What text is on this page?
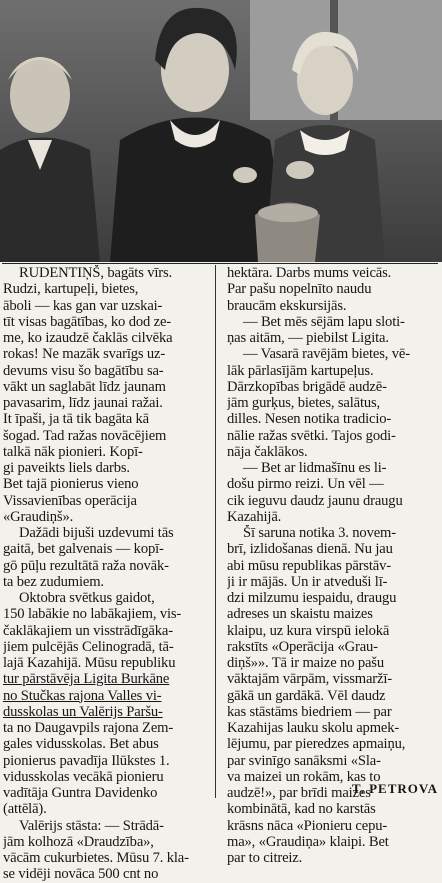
RUDENTIŅŠ, bagāts vīrs.
Rudzi, kartupeļi, bietes,
āboli — kas gan var uzskai-
tīt visas bagātības, ko dod ze-
me, ko izaudzē čaklās cilvēka
rokas! Ne mazāk svarīgs uz-
devums visu šo bagātību sa-
vākt un saglabāt līdz jaunam
pavasarim, līdz jaunai ražai.
It īpaši, ja tā tik bagāta kā
šogad. Tad ražas novācējiem
talkā nāk pionieri. Kopī-
gi paveikts liels darbs.
Bet tajā pionierus vieno
Vissavienības operācija
«Graudiņš».
Dažādi bijuši uzdevumi tās
gaitā, bet galvenais — kopī-
gō pūļu rezultātā raža novāk-
ta bez zudumiem.
Oktobra svētkus gaidot,
150 labākie no labākajiem, vis-
čaklākajiem un visstrādīgāka-
jiem pulcējās Celinogradā, tā-
lajā Kazahijā. Mūsu republiku
tur pārstāvēja Ligita Burkāne
no Stučkas rajona Valles vi-
dusskolas un Valērijs Paršu-
ta no Daugavpils rajona Zem-
gales vidusskolas. Bet abus
pionierus pavadīja Ilūkstes 1.
vidusskolas vecākā pionieru
vadītāja Guntra Davidenko
(attēlā).
Valērijs stāsta: — Strādā-
jām kolhozā «Draudzība»,
vācām cukurbietes. Mūsu 7. kla-
se vidēji novāca 500 cnt no
hektāra. Darbs mums veicās.
Par pašu nopelnīto naudu
braucām ekskursijās.
— Bet mēs sējām lapu sloti-
ņas aitām, — piebilst Ligita.
— Vasarā ravējām bietes, vē-
lāk pārlasījām kartupeļus.
Dārzkopības brigādē audzē-
jām gurķus, bietes, salātus,
dilles. Nesen notika tradicio-
nālie ražas svētki. Tajos godi-
nāja čaklākos.
— Bet ar lidmašīnu es li-
došu pirmo reizi. Un vēl —
cik ieguvu daudz jaunu draugu
Kazahijā.
Šī saruna notika 3. novem-
brī, izlidošanas dienā. Nu jau
abi mūsu republikas pārstāv-
ji ir mājās. Un ir atveduši lī-
dzi milzumu iespaidu, draugu
adreses un skaistu maizes
klaipu, uz kura virspū ielokā
rakstīts «Operācija «Grau-
diņš»». Tā ir maize no pašu
vāktajām vārpām, vissmaržī-
gākā un gardākā. Vēl daudz
kas stāstāms biedriem — par
Kazahijas lauku skolu apmek-
lējumu, par pieredzes apmaiņu,
par svinīgo sanāksmi «Sla-
va maizei un rokām, kas to
audzē!», par brīdi maizes
kombinātā, kad no karstās
krāsns nāca «Pionieru cepu-
ma», «Graudiņa» klaipi. Bet
par to citreiz.
T. PETROVA
